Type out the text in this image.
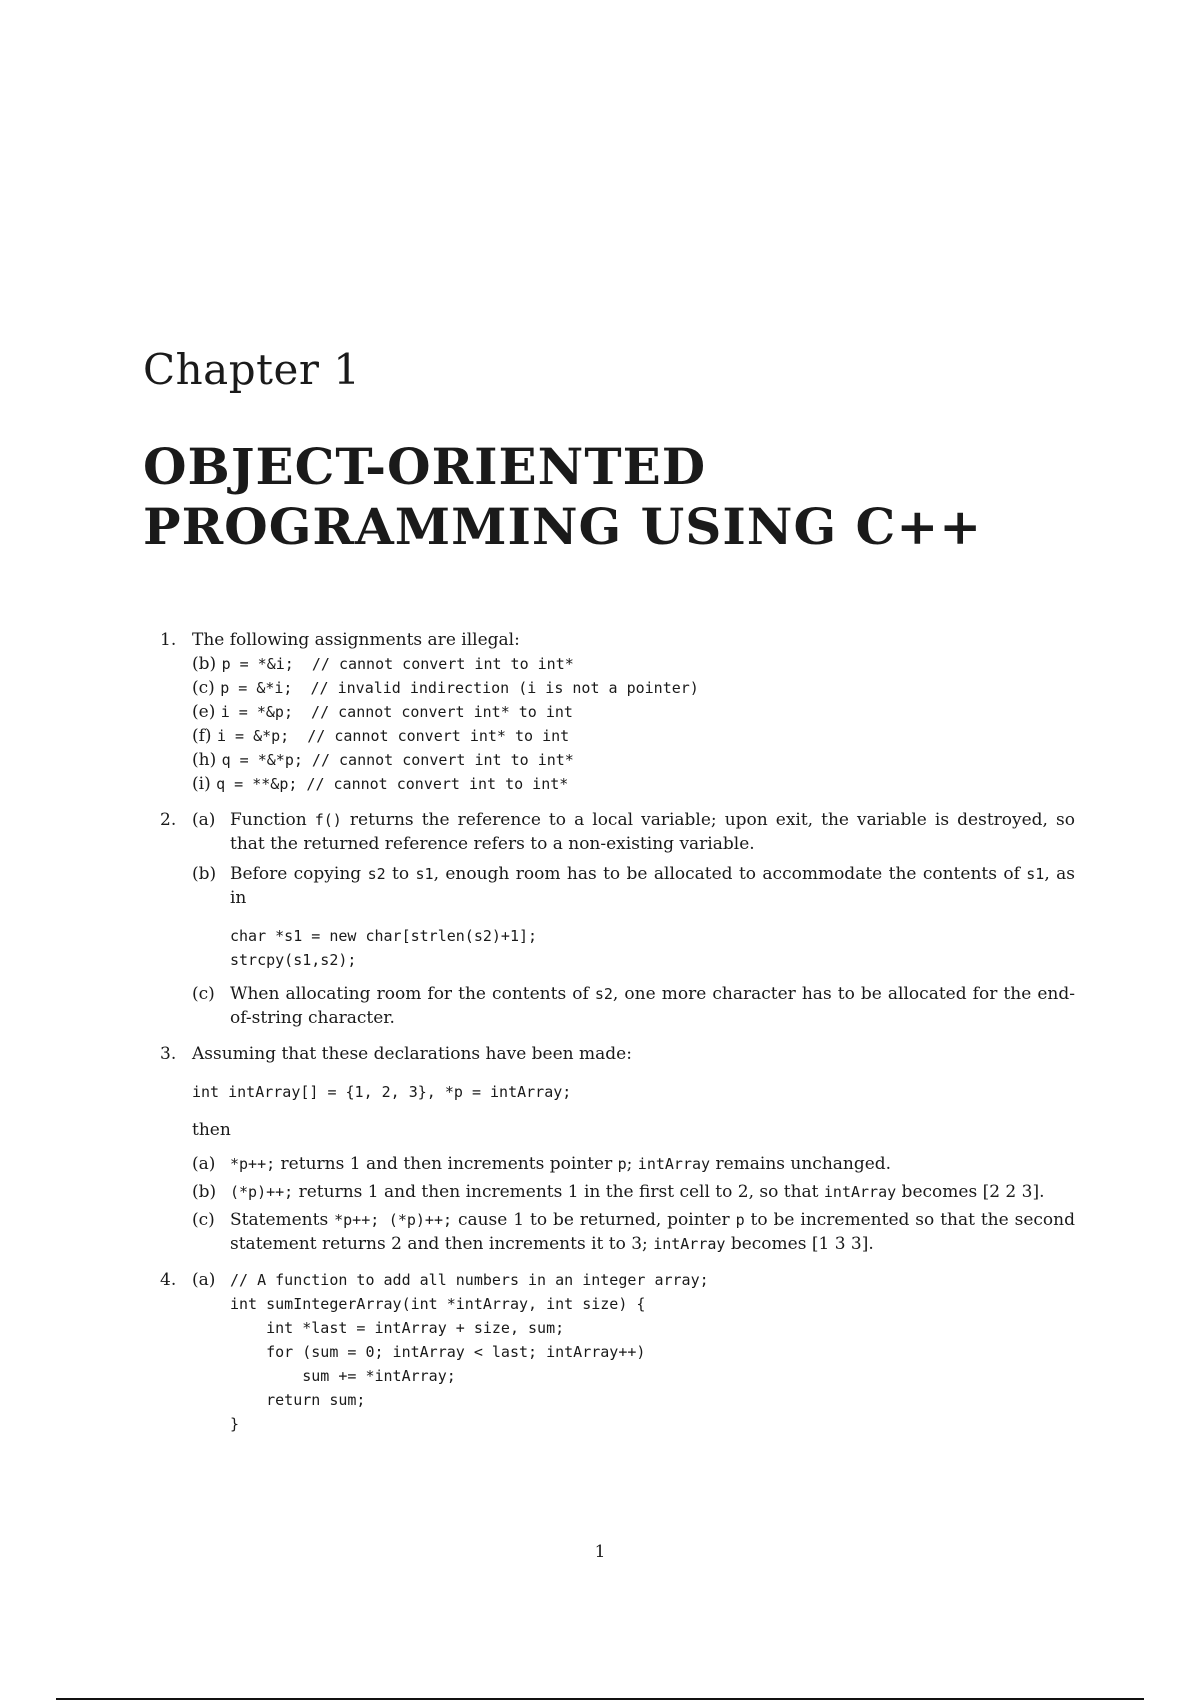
Chapter 1
OBJECT-ORIENTED
PROGRAMMING USING C++
1. The following assignments are illegal:
(b) p = *&i;  // cannot convert int to int*
(c) p = &*i;  // invalid indirection (i is not a pointer)
(e) i = *&p;  // cannot convert int* to int
(f) i = &*p;  // cannot convert int* to int
(h) q = *&*p; // cannot convert int to int*
(i) q = **&p; // cannot convert int to int*
2. (a) Function f() returns the reference to a local variable; upon exit, the variable is destroyed, so that the returned reference refers to a non-existing variable.
(b) Before copying s2 to s1, enough room has to be allocated to accommodate the contents of s1, as in
char *s1 = new char[strlen(s2)+1];
strcpy(s1,s2);
(c) When allocating room for the contents of s2, one more character has to be allocated for the end-of-string character.
3. Assuming that these declarations have been made:
int intArray[] = {1, 2, 3}, *p = intArray;
then
(a) *p++; returns 1 and then increments pointer p; intArray remains unchanged.
(b) (*p)++; returns 1 and then increments 1 in the first cell to 2, so that intArray becomes [2 2 3].
(c) Statements *p++; (*p)++; cause 1 to be returned, pointer p to be incremented so that the second statement returns 2 and then increments it to 3; intArray becomes [1 3 3].
4. (a) // A function to add all numbers in an integer array;
int sumIntegerArray(int *intArray, int size) {
int *last = intArray + size, sum;
for (sum = 0; intArray < last; intArray++)
sum += *intArray;
return sum;
}
1
